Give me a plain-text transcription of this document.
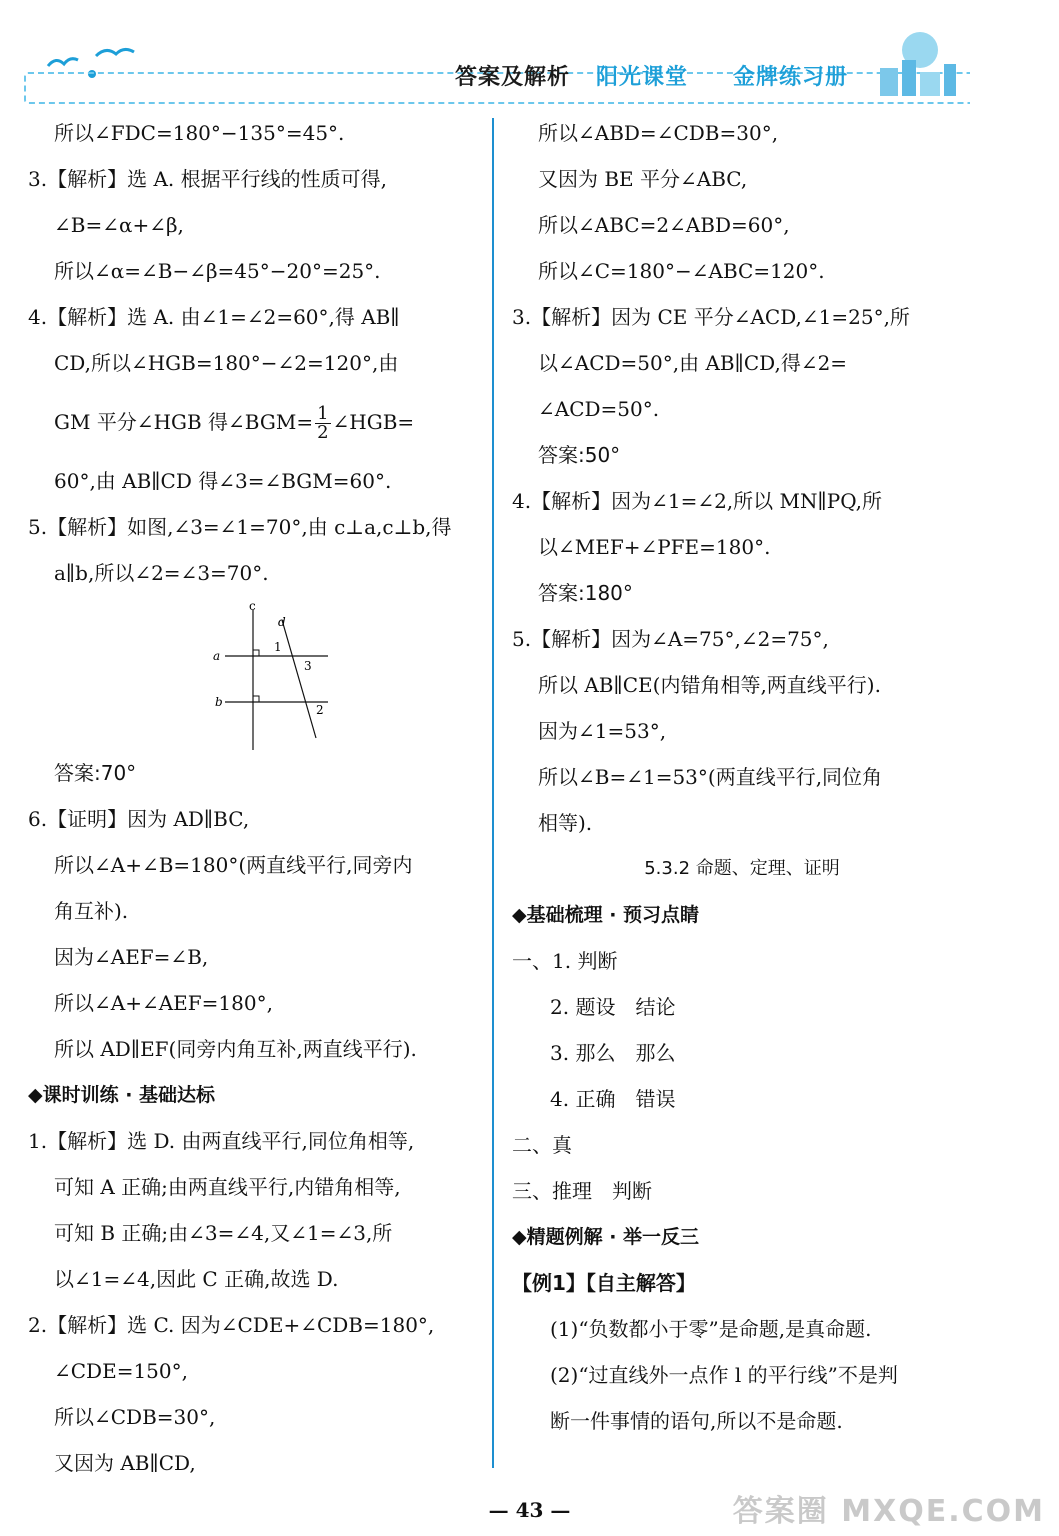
答案及解析 阳光课堂 金牌练习册
所以∠FDC=180°−135°=45°.
3.【解析】选 A. 根据平行线的性质可得,
∠B=∠α+∠β,
所以∠α=∠B−∠β=45°−20°=25°.
4.【解析】选 A. 由∠1=∠2=60°,得 AB∥
CD,所以∠HGB=180°−∠2=120°,由
GM 平分∠HGB 得∠BGM= $\frac{1}{2}$ ∠HGB=
60°,由 AB∥CD 得∠3=∠BGM=60°.
5.【解析】如图,∠3=∠1=70°,由 c⊥a,c⊥b,得
a∥b,所以∠2=∠3=70°.
c
d
a
b
1
3
2
答案:70°
6.【证明】因为 AD∥BC,
所以∠A+∠B=180°(两直线平行,同旁内
角互补).
因为∠AEF=∠B,
所以∠A+∠AEF=180°,
所以 AD∥EF(同旁内角互补,两直线平行).
◆课时训练 · 基础达标
1.【解析】选 D. 由两直线平行,同位角相等,
可知 A 正确;由两直线平行,内错角相等,
可知 B 正确;由∠3=∠4,又∠1=∠3,所
以∠1=∠4,因此 C 正确,故选 D.
2.【解析】选 C. 因为∠CDE+∠CDB=180°,
∠CDE=150°,
所以∠CDB=30°,
又因为 AB∥CD,
所以∠ABD=∠CDB=30°,
又因为 BE 平分∠ABC,
所以∠ABC=2∠ABD=60°,
所以∠C=180°−∠ABC=120°.
3.【解析】因为 CE 平分∠ACD,∠1=25°,所
以∠ACD=50°,由 AB∥CD,得∠2=
∠ACD=50°.
答案:50°
4.【解析】因为∠1=∠2,所以 MN∥PQ,所
以∠MEF+∠PFE=180°.
答案:180°
5.【解析】因为∠A=75°,∠2=75°,
所以 AB∥CE(内错角相等,两直线平行).
因为∠1=53°,
所以∠B=∠1=53°(两直线平行,同位角
相等).
5.3.2 命题、定理、证明
◆基础梳理 · 预习点睛
一、1. 判断
2. 题设　结论
3. 那么　那么
4. 正确　错误
二、真
三、推理　判断
◆精题例解 · 举一反三
【例1】【自主解答】
(1)“负数都小于零”是命题,是真命题.
(2)“过直线外一点作 l 的平行线”不是判
断一件事情的语句,所以不是命题.
— 43 —	答案圈 MXQE.COM
